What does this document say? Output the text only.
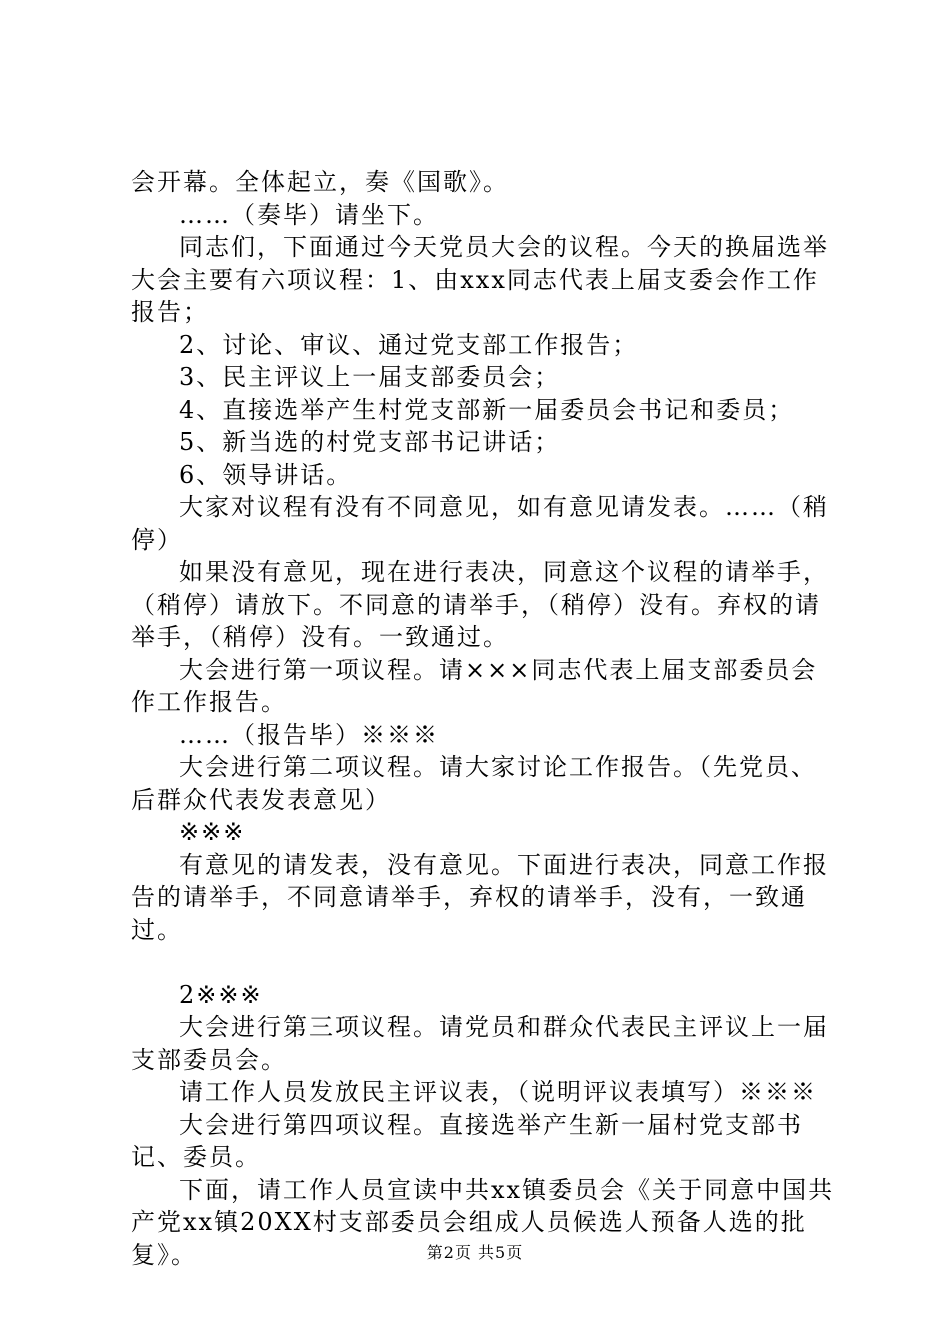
会开幕。全体起立，奏《国歌》。

……（奏毕）请坐下。

同志们，下面通过今天党员大会的议程。今天的换届选举大会主要有六项议程：1、由xxx同志代表上届支委会作工作报告；

2、讨论、审议、通过党支部工作报告；

3、民主评议上一届支部委员会；

4、直接选举产生村党支部新一届委员会书记和委员；

5、新当选的村党支部书记讲话；

6、领导讲话。

大家对议程有没有不同意见，如有意见请发表。……（稍停）

如果没有意见，现在进行表决，同意这个议程的请举手，（稍停）请放下。不同意的请举手，（稍停）没有。弃权的请举手，（稍停）没有。一致通过。

大会进行第一项议程。请×××同志代表上届支部委员会作工作报告。

……（报告毕）※※※

大会进行第二项议程。请大家讨论工作报告。（先党员、后群众代表发表意见）

※※※

有意见的请发表，没有意见。下面进行表决，同意工作报告的请举手，不同意请举手，弃权的请举手，没有，一致通过。

2※※※

大会进行第三项议程。请党员和群众代表民主评议上一届支部委员会。

请工作人员发放民主评议表，（说明评议表填写）※※※

大会进行第四项议程。直接选举产生新一届村党支部书记、委员。

下面，请工作人员宣读中共xx镇委员会《关于同意中国共产党xx镇20XX村支部委员会组成人员候选人预备人选的批复》。	第2页 共5页
